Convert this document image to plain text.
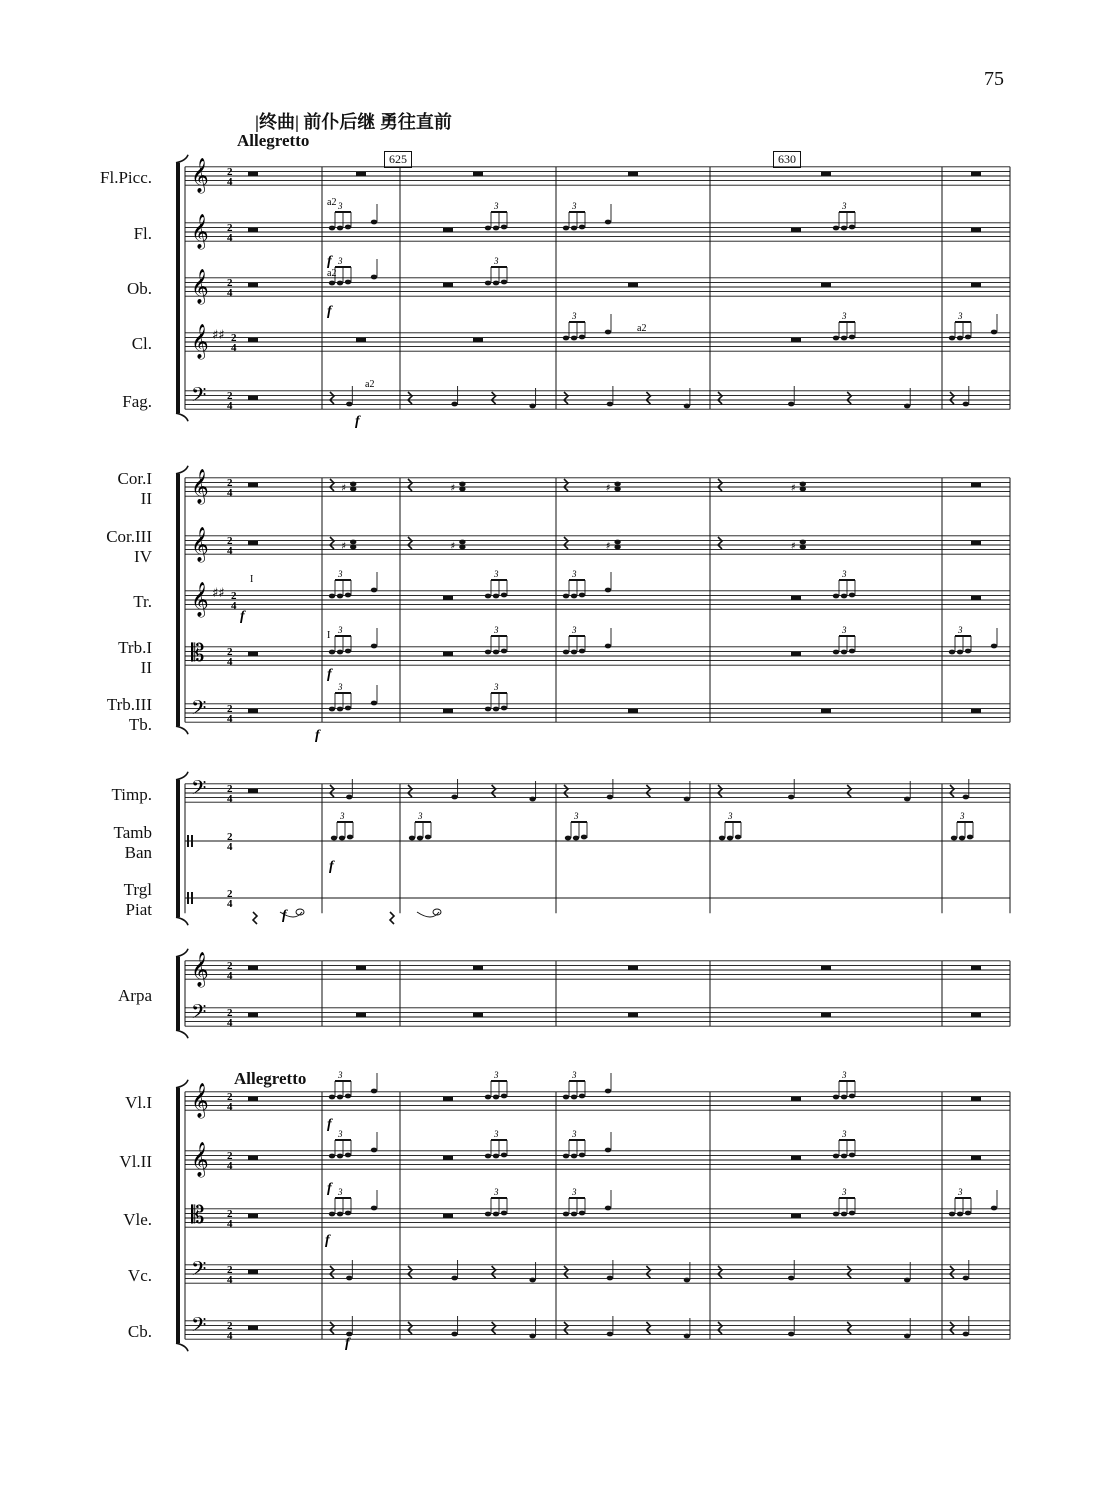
75
|终曲| 前仆后继 勇往直前
Allegretto
Allegretto
625	630
Fl.Picc.
Fl.
Ob.
Cl.
Fag.
Cor.I
II
Cor.III
IV
Tr.
Trb.I
II
Trb.III
Tb.
Timp.
Tamb
Ban
Trgl
Piat
Arpa
Vl.I
Vl.II
Vle.
Vc.
Cb.
𝄞 2
4
𝄞 2
4
𝄞 2
4
𝄞 ♯♯ 2
4
𝄢 2
4
𝄞 2
4
𝄞 2
4
𝄞 ♯♯ 2
4
𝄡 2
4
𝄢 2
4
𝄢 2
4
2
4
2
4
𝄞 2
4
𝄢 2
4
𝄞 2
4
𝄞 2
4
𝄡 2
4
𝄢 2
4
𝄢 2
4
3	3	3	3
3	3
3	3	3	3
3	3	3	3
3	3	3	3	3
3	3	3	3	3
3	3
3	3	3	3
3	3	3
♯	♯	♯	♯
♯	♯	♯	♯
3	3	3	3	3
a2
a2
a2
a2
I
I
f
f
f
f
f
f
f
f
f
f
f
f
